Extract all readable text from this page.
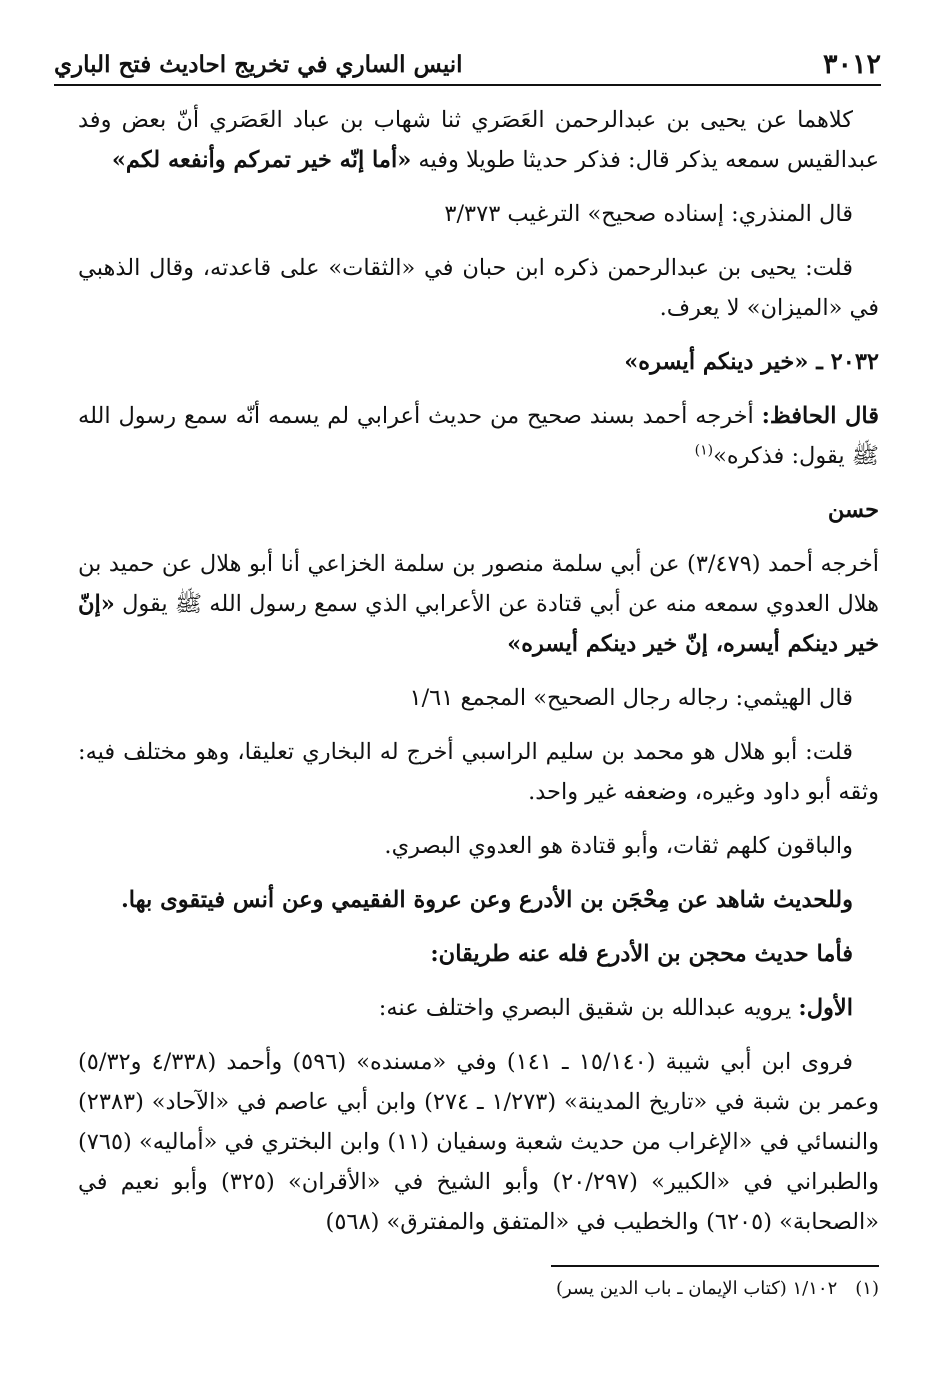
٣٠١٢
انيس الساري في تخريج احاديث فتح الباري

كلاهما عن يحيى بن عبدالرحمن العَصَري ثنا شهاب بن عباد العَصَري أنّ بعض وفد عبدالقيس سمعه يذكر قال: فذكر حديثا طويلا وفيه «أما إنّه خير تمركم وأنفعه لكم»

قال المنذري: إسناده صحيح» الترغيب ٣/٣٧٣

قلت: يحيى بن عبدالرحمن ذكره ابن حبان في «الثقات» على قاعدته، وقال الذهبي في «الميزان» لا يعرف.

٢٠٣٢ ـ «خير دينكم أيسره»

قال الحافظ: أخرجه أحمد بسند صحيح من حديث أعرابي لم يسمه أنّه سمع رسول الله ﷺ يقول: فذكره»$^{(١)}$

حسن

أخرجه أحمد (٣/٤٧٩) عن أبي سلمة منصور بن سلمة الخزاعي أنا أبو هلال عن حميد بن هلال العدوي سمعه منه عن أبي قتادة عن الأعرابي الذي سمع رسول الله ﷺ يقول «إنّ خير دينكم أيسره، إنّ خير دينكم أيسره»

قال الهيثمي: رجاله رجال الصحيح» المجمع ١/٦١

قلت: أبو هلال هو محمد بن سليم الراسبي أخرج له البخاري تعليقا، وهو مختلف فيه: وثقه أبو داود وغيره، وضعفه غير واحد.

والباقون كلهم ثقات، وأبو قتادة هو العدوي البصري.

وللحديث شاهد عن مِحْجَن بن الأدرع وعن عروة الفقيمي وعن أنس فيتقوى بها.

فأما حديث محجن بن الأدرع فله عنه طريقان:

الأول: يرويه عبدالله بن شقيق البصري واختلف عنه:

فروى ابن أبي شيبة (١٥/١٤٠ ـ ١٤١) وفي «مسنده» (٥٩٦) وأحمد (٤/٣٣٨ و٥/٣٢) وعمر بن شبة في «تاريخ المدينة» (١/٢٧٣ ـ ٢٧٤) وابن أبي عاصم في «الآحاد» (٢٣٨٣) والنسائي في «الإغراب من حديث شعبة وسفيان (١١) وابن البختري في «أماليه» (٧٦٥) والطبراني في «الكبير» (٢٠/٢٩٧) وأبو الشيخ في «الأقران» (٣٢٥) وأبو نعيم في «الصحابة» (٦٢٠٥) والخطيب في «المتفق والمفترق» (٥٦٨)

(١)١/١٠٢ (كتاب الإيمان ـ باب الدين يسر)
